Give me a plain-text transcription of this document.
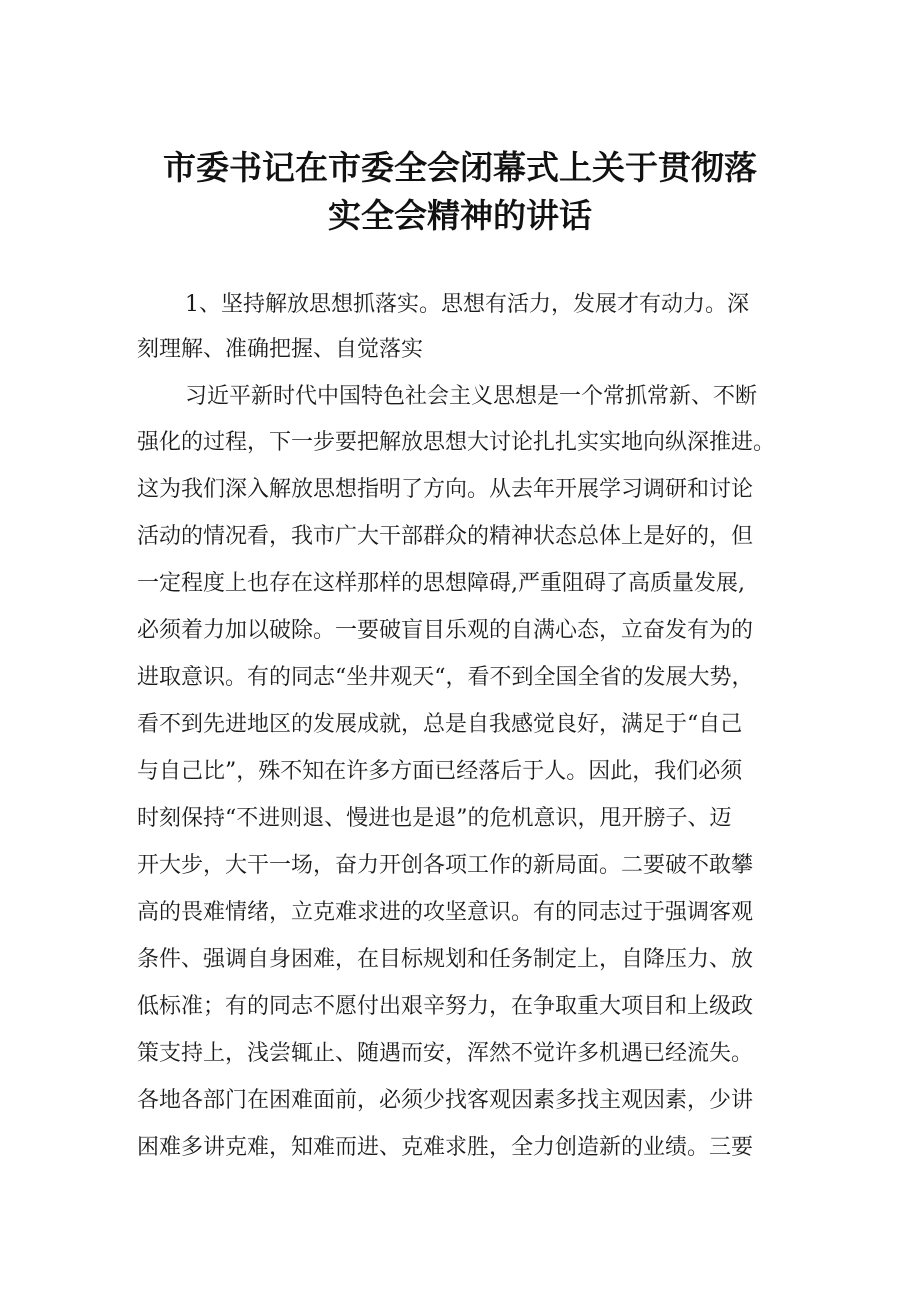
市委书记在市委全会闭幕式上关于贯彻落
实全会精神的讲话
1、坚持解放思想抓落实。思想有活力，发展才有动力。深
刻理解、准确把握、自觉落实
习近平新时代中国特色社会主义思想是一个常抓常新、不断
强化的过程，下一步要把解放思想大讨论扎扎实实地向纵深推进。
这为我们深入解放思想指明了方向。从去年开展学习调研和讨论
活动的情况看，我市广大干部群众的精神状态总体上是好的，但
一定程度上也存在这样那样的思想障碍,严重阻碍了高质量发展,
必须着力加以破除。一要破盲目乐观的自满心态，立奋发有为的
进取意识。有的同志“坐井观天“，看不到全国全省的发展大势，
看不到先进地区的发展成就，总是自我感觉良好，满足于“自己
与自己比”，殊不知在许多方面已经落后于人。因此，我们必须
时刻保持“不进则退、慢进也是退”的危机意识，甩开膀子、迈
开大步，大干一场，奋力开创各项工作的新局面。二要破不敢攀
高的畏难情绪，立克难求进的攻坚意识。有的同志过于强调客观
条件、强调自身困难，在目标规划和任务制定上，自降压力、放
低标准；有的同志不愿付出艰辛努力，在争取重大项目和上级政
策支持上，浅尝辄止、随遇而安，浑然不觉许多机遇已经流失。
各地各部门在困难面前，必须少找客观因素多找主观因素，少讲
困难多讲克难，知难而进、克难求胜，全力创造新的业绩。三要
